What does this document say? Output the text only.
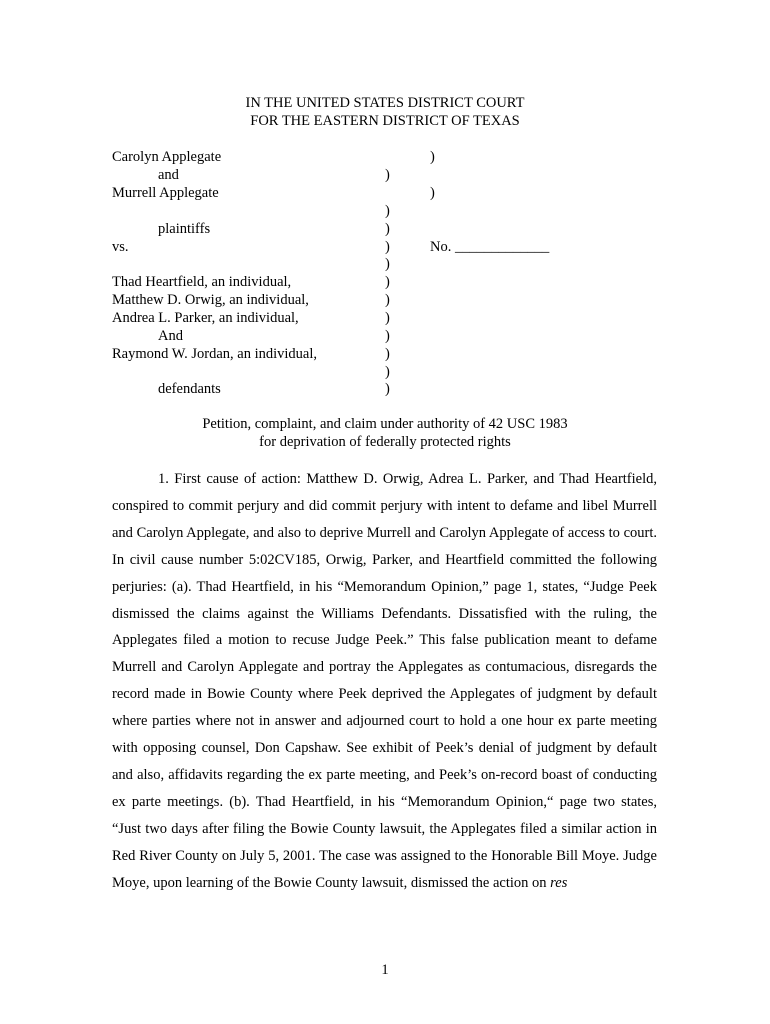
IN THE UNITED STATES DISTRICT COURT
FOR THE EASTERN DISTRICT OF TEXAS
Carolyn Applegate
and
Murrell Applegate
plaintiffs
vs.
Thad Heartfield, an individual,
Matthew D. Orwig, an individual,
Andrea L. Parker, an individual,
And
Raymond W. Jordan, an individual,
defendants
)
)
)
)
)
)
)
)
)
)
)
)
)
)
No. _____________
Petition, complaint, and claim under authority of 42 USC 1983
for deprivation of federally protected rights

1. First cause of action: Matthew D. Orwig, Adrea L. Parker, and Thad Heartfield, conspired to commit perjury and did commit perjury with intent to defame and libel Murrell and Carolyn Applegate, and also to deprive Murrell and Carolyn Applegate of access to court. In civil cause number 5:02CV185, Orwig, Parker, and Heartfield committed the following perjuries: (a). Thad Heartfield, in his “Memorandum Opinion,” page 1, states, “Judge Peek dismissed the claims against the Williams Defendants. Dissatisfied with the ruling, the Applegates filed a motion to recuse Judge Peek.” This false publication meant to defame Murrell and Carolyn Applegate and portray the Applegates as contumacious, disregards the record made in Bowie County where Peek deprived the Applegates of judgment by default where parties where not in answer and adjourned court to hold a one hour ex parte meeting with opposing counsel, Don Capshaw. See exhibit of Peek’s denial of judgment by default and also, affidavits regarding the ex parte meeting, and Peek’s on-record boast of conducting ex parte meetings. (b). Thad Heartfield, in his “Memorandum Opinion,“ page two states, “Just two days after filing the Bowie County lawsuit, the Applegates filed a similar action in Red River County on July 5, 2001. The case was assigned to the Honorable Bill Moye. Judge Moye, upon learning of the Bowie County lawsuit, dismissed the action on res

1
